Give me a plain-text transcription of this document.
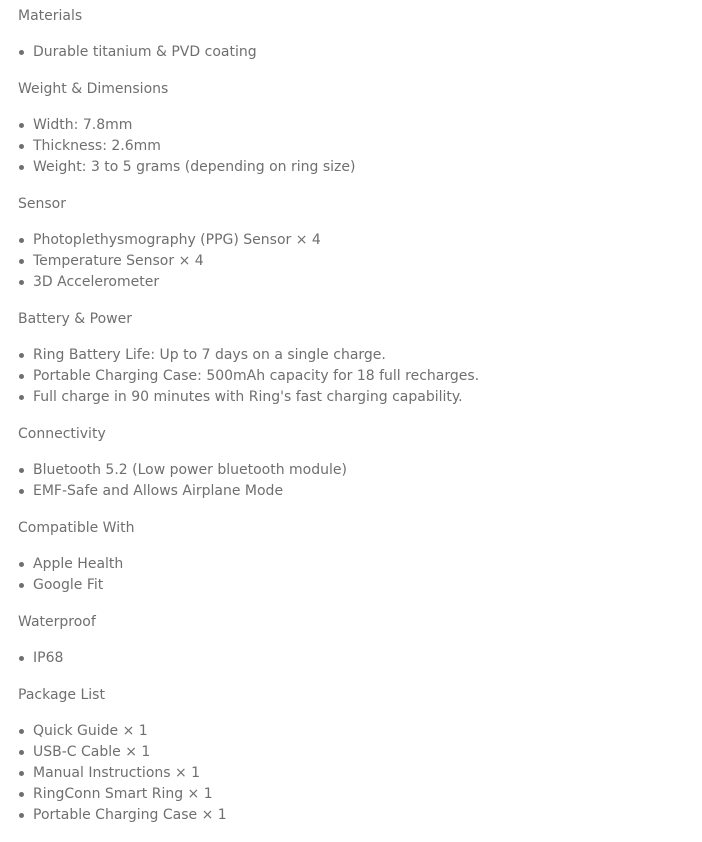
Materials
Durable titanium & PVD coating
Weight & Dimensions
Width: 7.8mm
Thickness: 2.6mm
Weight: 3 to 5 grams (depending on ring size)
Sensor
Photoplethysmography (PPG) Sensor × 4
Temperature Sensor × 4
3D Accelerometer
Battery & Power
Ring Battery Life: Up to 7 days on a single charge.
Portable Charging Case: 500mAh capacity for 18 full recharges.
Full charge in 90 minutes with Ring's fast charging capability.
Connectivity
Bluetooth 5.2 (Low power bluetooth module)
EMF-Safe and Allows Airplane Mode
Compatible With
Apple Health
Google Fit
Waterproof
IP68
Package List
Quick Guide × 1
USB-C Cable × 1
Manual Instructions × 1
RingConn Smart Ring × 1
Portable Charging Case × 1
